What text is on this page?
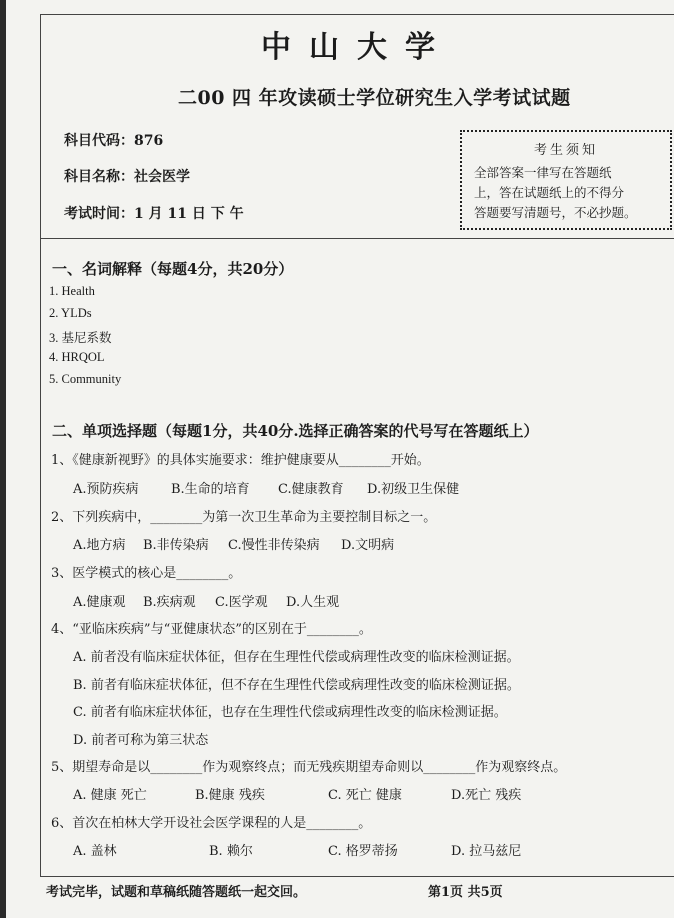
中山大学
二00 四 年攻读硕士学位研究生入学考试试题
科目代码：876
科目名称：社会医学
考试时间：1 月 11 日 下 午
考生须知
全部答案一律写在答题纸
上，答在试题纸上的不得分
答题要写清题号，不必抄题。
一、名词解释（每题4分，共20分）
1. Health
2. YLDs
3. 基尼系数
4. HRQOL
5. Community
二、单项选择题（每题1分，共40分.选择正确答案的代号写在答题纸上）
1、《健康新视野》的具体实施要求：维护健康要从________开始。
A.预防疾病 B.生命的培育 C.健康教育 D.初级卫生保健
2、下列疾病中，________为第一次卫生革命为主要控制目标之一。
A.地方病 B.非传染病 C.慢性非传染病 D.文明病
3、医学模式的核心是________。
A.健康观 B.疾病观 C.医学观 D.人生观
4、“亚临床疾病”与“亚健康状态”的区别在于________。
A. 前者没有临床症状体征，但存在生理性代偿或病理性改变的临床检测证据。
B. 前者有临床症状体征，但不存在生理性代偿或病理性改变的临床检测证据。
C. 前者有临床症状体征，也存在生理性代偿或病理性改变的临床检测证据。
D. 前者可称为第三状态
5、期望寿命是以________作为观察终点；而无残疾期望寿命则以________作为观察终点。
A. 健康 死亡	B.健康 残疾	C. 死亡 健康	D.死亡 残疾
6、首次在柏林大学开设社会医学课程的人是________。
A. 盖林	B. 赖尔	C. 格罗蒂扬	D. 拉马兹尼
考试完毕，试题和草稿纸随答题纸一起交回。	第1页 共5页
